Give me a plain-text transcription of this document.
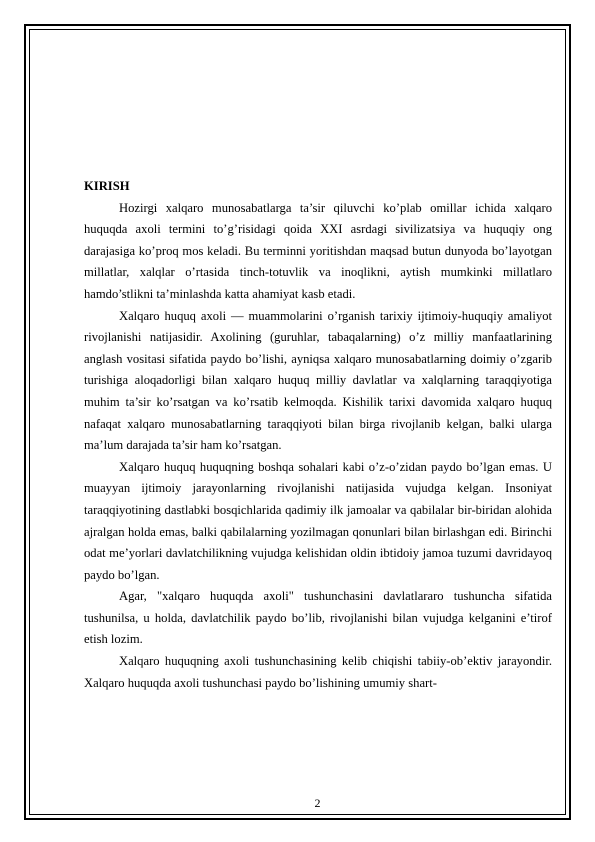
KIRISH

Hozirgi xalqaro munosabatlarga ta’sir qiluvchi ko’plab omillar ichida xalqaro huquqda axoli termini to’g’risidagi qoida XXI asrdagi sivilizatsiya va huquqiy ong darajasiga ko’proq mos keladi. Bu terminni yoritishdan maqsad butun dunyoda bo’layotgan millatlar, xalqlar o’rtasida tinch-totuvlik va inoqlikni, aytish mumkinki millatlaro hamdo’stlikni ta’minlashda katta ahamiyat kasb etadi.

Xalqaro huquq axoli — muammolarini o’rganish tarixiy ijtimoiy-huquqiy amaliyot rivojlanishi natijasidir. Axolining (guruhlar, tabaqalarning) o’z milliy manfaatlarining anglash vositasi sifatida paydo bo’lishi, ayniqsa xalqaro munosabatlarning doimiy o’zgarib turishiga aloqadorligi bilan xalqaro huquq milliy davlatlar va xalqlarning taraqqiyotiga muhim ta’sir ko’rsatgan va ko’rsatib kelmoqda. Kishilik tarixi davomida xalqaro huquq nafaqat xalqaro munosabatlarning taraqqiyoti bilan birga rivojlanib kelgan, balki ularga ma’lum darajada ta’sir ham ko’rsatgan.

Xalqaro huquq huquqning boshqa sohalari kabi o’z-o’zidan paydo bo’lgan emas. U muayyan ijtimoiy jarayonlarning rivojlanishi natijasida vujudga kelgan. Insoniyat taraqqiyotining dastlabki bosqichlarida qadimiy ilk jamoalar va qabilalar bir-biridan alohida ajralgan holda emas, balki qabilalarning yozilmagan qonunlari bilan birlashgan edi. Birinchi odat me’yorlari davlatchilikning vujudga kelishidan oldin ibtidoiy jamoa tuzumi davridayoq paydo bo’lgan.

Agar, "xalqaro huquqda axoli" tushunchasini davlatlararo tushuncha sifatida tushunilsa, u holda, davlatchilik paydo bo’lib, rivojlanishi bilan vujudga kelganini e’tirof etish lozim.

Xalqaro huquqning axoli tushunchasining kelib chiqishi tabiiy-ob’ektiv jarayondir. Xalqaro huquqda axoli tushunchasi paydo bo’lishining umumiy shart-

2
